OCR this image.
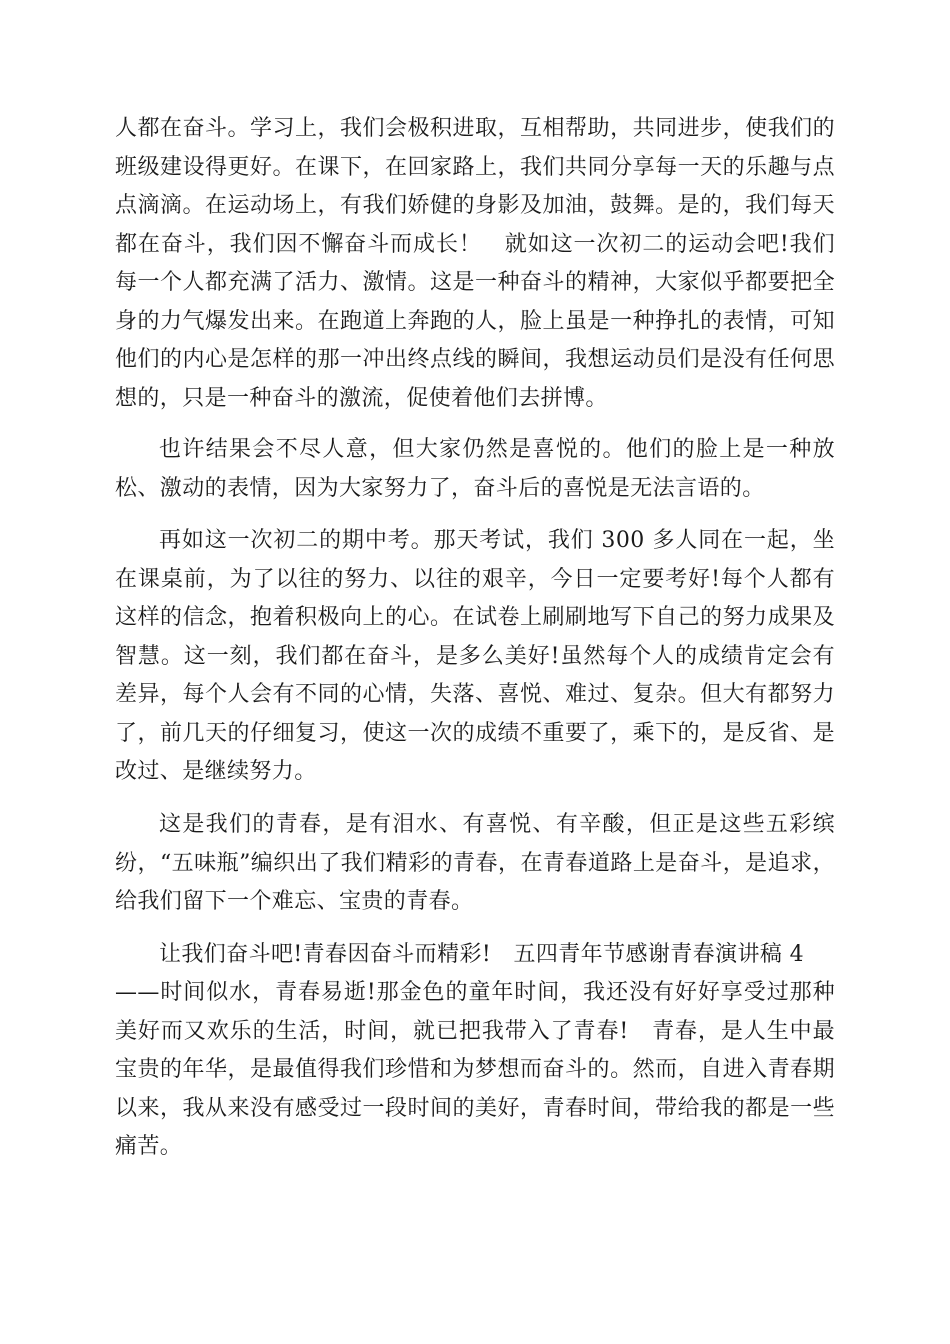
人都在奋斗。学习上，我们会极积进取，互相帮助，共同进步，使我们的班级建设得更好。在课下，在回家路上，我们共同分享每一天的乐趣与点点滴滴。在运动场上，有我们娇健的身影及加油，鼓舞。是的，我们每天都在奋斗，我们因不懈奋斗而成长！　就如这一次初二的运动会吧!我们每一个人都充满了活力、激情。这是一种奋斗的精神，大家似乎都要把全身的力气爆发出来。在跑道上奔跑的人，脸上虽是一种挣扎的表情，可知他们的内心是怎样的那一冲出终点线的瞬间，我想运动员们是没有任何思想的，只是一种奋斗的激流，促使着他们去拼博。

也许结果会不尽人意，但大家仍然是喜悦的。他们的脸上是一种放松、激动的表情，因为大家努力了，奋斗后的喜悦是无法言语的。

再如这一次初二的期中考。那天考试，我们 300 多人同在一起，坐在课桌前，为了以往的努力、以往的艰辛，今日一定要考好!每个人都有这样的信念，抱着积极向上的心。在试卷上刷刷地写下自己的努力成果及智慧。这一刻，我们都在奋斗，是多么美好!虽然每个人的成绩肯定会有差异，每个人会有不同的心情，失落、喜悦、难过、复杂。但大有都努力了，前几天的仔细复习，使这一次的成绩不重要了，乘下的，是反省、是改过、是继续努力。

这是我们的青春，是有泪水、有喜悦、有辛酸，但正是这些五彩缤纷，“五味瓶”编织出了我们精彩的青春，在青春道路上是奋斗，是追求，给我们留下一个难忘、宝贵的青春。

让我们奋斗吧!青春因奋斗而精彩!　五四青年节感谢青春演讲稿 4

——时间似水，青春易逝!那金色的童年时间，我还没有好好享受过那种美好而又欢乐的生活，时间，就已把我带入了青春!　青春，是人生中最宝贵的年华，是最值得我们珍惜和为梦想而奋斗的。然而，自进入青春期以来，我从来没有感受过一段时间的美好，青春时间，带给我的都是一些痛苦。
